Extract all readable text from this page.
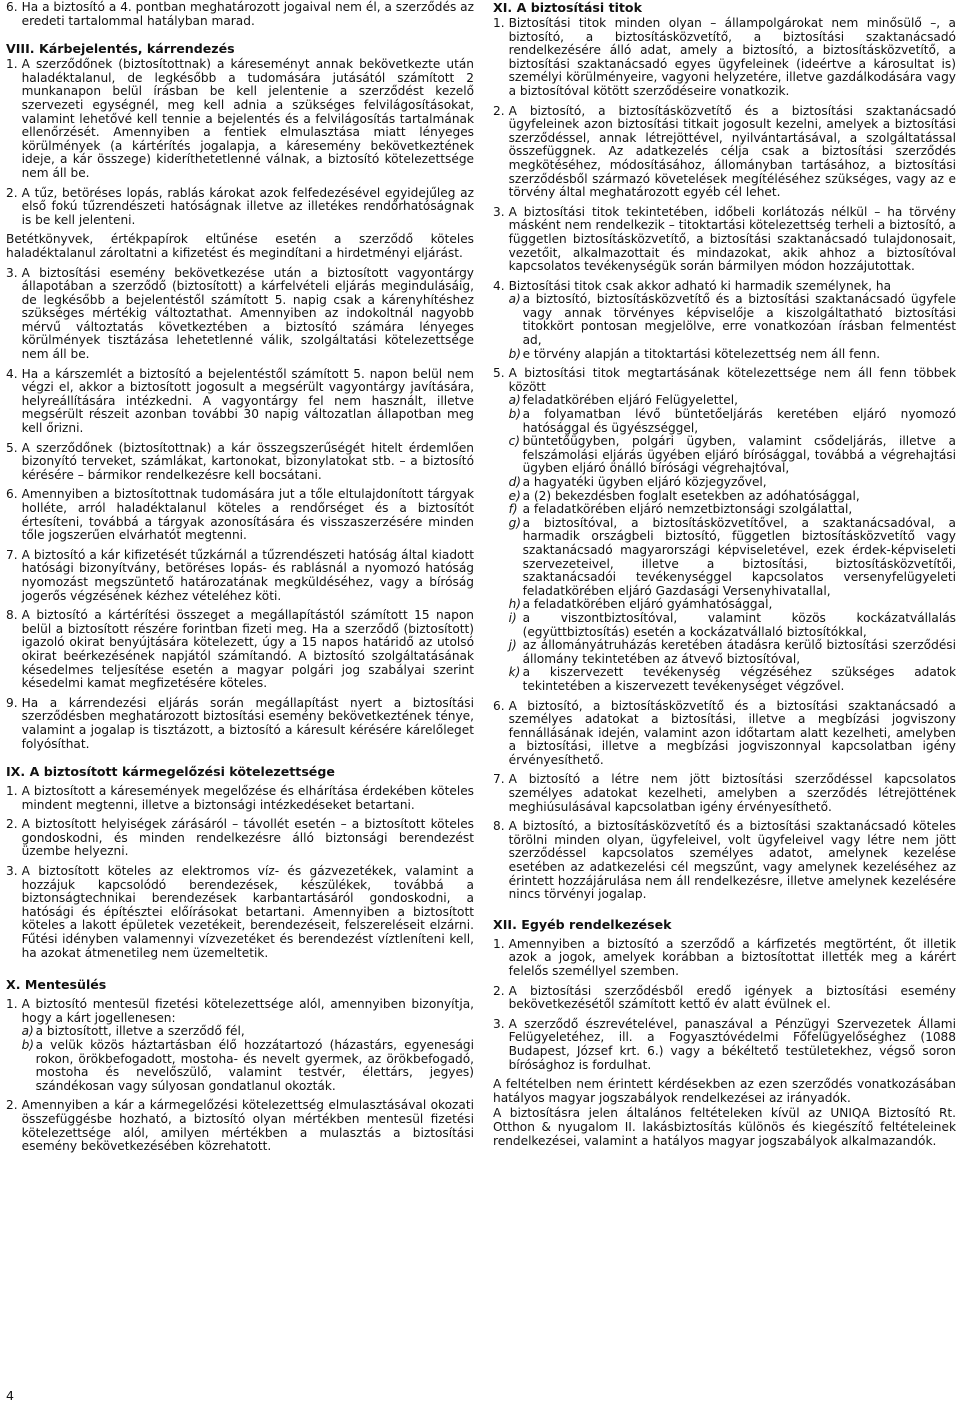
6. Ha a biztosító a 4. pontban meghatározott jogaival nem él, a szerződés az eredeti tartalommal hatályban marad.
VIII. Kárbejelentés, kárrendezés
1. A szerződőnek (biztosítottnak) a káreseményt annak bekövetkezte után haladéktalanul, de legkésőbb a tudomására jutásától számított 2 munkanapon belül írásban be kell jelentenie a szerződést kezelő szervezeti egységnél, meg kell adnia a szükséges felvilágosításokat, valamint lehetővé kell tennie a bejelentés és a felvilágosítás tartalmának ellenőrzését. Amennyiben a fentiek elmulasztása miatt lényeges körülmények (a kártérítés jogalapja, a káresemény bekövetkeztének ideje, a kár összege) kideríthetetlenné válnak, a biztosító kötelezettsége nem áll be.
2. A tűz, betöréses lopás, rablás károkat azok felfedezésével egyidejűleg az első fokú tűzrendészeti hatóságnak illetve az illetékes rendőrhatóságnak is be kell jelenteni.
Betétkönyvek, értékpapírok eltűnése esetén a szerződő köteles haladéktalanul zároltatni a kifizetést és megindítani a hirdetményi eljárást.
3. A biztosítási esemény bekövetkezése után a biztosított vagyontárgy állapotában a szerződő (biztosított) a kárfelvételi eljárás megindulásáig, de legkésőbb a bejelentéstől számított 5. napig csak a kárenyhítéshez szükséges mértékig változtathat. Amennyiben az indokoltnál nagyobb mérvű változtatás következtében a biztosító számára lényeges körülmények tisztázása lehetetlenné válik, szolgáltatási kötelezettsége nem áll be.
4. Ha a kárszemlét a biztosító a bejelentéstől számított 5. napon belül nem végzi el, akkor a biztosított jogosult a megsérült vagyontárgy javítására, helyreállítására intézkedni. A vagyontárgy fel nem használt, illetve megsérült részeit azonban további 30 napig változatlan állapotban meg kell őrizni.
5. A szerződőnek (biztosítottnak) a kár összegszerűségét hitelt érdemlően bizonyító terveket, számlákat, kartonokat, bizonylatokat stb. – a biztosító kérésére – bármikor rendelkezésre kell bocsátani.
6. Amennyiben a biztosítottnak tudomására jut a tőle eltulajdonított tárgyak holléte, arról haladéktalanul köteles a rendőrséget és a biztosítót értesíteni, továbbá a tárgyak azonosítására és visszaszerzésére minden tőle jogszerűen elvárhatót megtenni.
7. A biztosító a kár kifizetését tűzkárnál a tűzrendészeti hatóság által kiadott hatósági bizonyítvány, betöréses lopás- és rablásnál a nyomozó hatóság nyomozást megszüntető határozatának megküldéséhez, vagy a bíróság jogerős végzésének kézhez vételéhez köti.
8. A biztosító a kártérítési összeget a megállapítástól számított 15 napon belül a biztosított részére forintban fizeti meg. Ha a szerződő (biztosított) igazoló okirat benyújtására kötelezett, úgy a 15 napos határidő az utolsó okirat beérkezésének napjától számítandó. A biztosító szolgáltatásának késedelmes teljesítése esetén a magyar polgári jog szabályai szerint késedelmi kamat megfizetésére köteles.
9. Ha a kárrendezési eljárás során megállapítást nyert a biztosítási szerződésben meghatározott biztosítási esemény bekövetkeztének ténye, valamint a jogalap is tisztázott, a biztosító a káresult kérésére kárelőleget folyósíthat.
IX. A biztosított kármegelőzési kötelezettsége
1. A biztosított a káresemények megelőzése és elhárítása érdekében köteles mindent megtenni, illetve a biztonsági intézkedéseket betartani.
2. A biztosított helyiségek zárásáról – távollét esetén – a biztosított köteles gondoskodni, és minden rendelkezésre álló biztonsági berendezést üzembe helyezni.
3. A biztosított köteles az elektromos víz- és gázvezetékek, valamint a hozzájuk kapcsolódó berendezések, készülékek, továbbá a biztonságtechnikai berendezések karbantartásáról gondoskodni, a hatósági és építésztei előírásokat betartani. Amennyiben a biztosított köteles a lakott épületek vezetékeit, berendezéseit, felszereléseit elzárni. Fűtési idényben valamennyi vízvezetéket és berendezést víztleníteni kell, ha azokat átmenetileg nem üzemeltetik.
X. Mentesülés
1. A biztosító mentesül fizetési kötelezettsége alól, amennyiben bizonyítja, hogy a kárt jogellenesen:
a) a biztosított, illetve a szerződő fél,
b) a velük közös háztartásban élő hozzátartozó (házastárs, egyenesági rokon, örökbefogadott, mostoha- és nevelt gyermek, az örökbefogadó, mostoha és nevelőszülő, valamint testvér, élettárs, jegyes) szándékosan vagy súlyosan gondatlanul okozták.
2. Amennyiben a kár a kármegelőzési kötelezettség elmulasztásával okozati összefüggésbe hozható, a biztosító olyan mértékben mentesül fizetési kötelezettsége alól, amilyen mértékben a mulasztás a biztosítási esemény bekövetkezésében közrehatott.
XI. A biztosítási titok
1. Biztosítási titok minden olyan – állampolgárokat nem minősülő –, a biztosító, a biztosításközvetítő, a biztosítási szaktanácsadó rendelkezésére álló adat, amely a biztosító, a biztosításközvetítő, a biztosítási szaktanácsadó egyes ügyfeleinek (ideértve a károsultat is) személyi körülményeire, vagyoni helyzetére, illetve gazdálkodására vagy a biztosítóval kötött szerződéseire vonatkozik.
2. A biztosító, a biztosításközvetítő és a biztosítási szaktanácsadó ügyfeleinek azon biztosítási titkait jogosult kezelni, amelyek a biztosítási szerződéssel, annak létrejöttével, nyilvántartásával, a szolgáltatással összefüggnek. Az adatkezelés célja csak a biztosítási szerződés megkötéséhez, módosításához, állományban tartásához, a biztosítási szerződésből származó követelések megítéléséhez szükséges, vagy az e törvény által meghatározott egyéb cél lehet.
3. A biztosítási titok tekintetében, időbeli korlátozás nélkül – ha törvény másként nem rendelkezik – titoktartási kötelezettség terheli a biztosító, a független biztosításközvetítő, a biztosítási szaktanácsadó tulajdonosait, vezetőit, alkalmazottait és mindazokat, akik ahhoz a biztosítóval kapcsolatos tevékenységük során bármilyen módon hozzájutottak.
4. Biztosítási titok csak akkor adható ki harmadik személynek, ha
a) a biztosító, biztosításközvetítő és a biztosítási szaktanácsadó ügyfele vagy annak törvényes képviselője a kiszolgáltatható biztosítási titokkört pontosan megjelölve, erre vonatkozóan írásban felmentést ad,
b) e törvény alapján a titoktartási kötelezettség nem áll fenn.
5. A biztosítási titok megtartásának kötelezettsége nem áll fenn többek között
a) feladatkörében eljáró Felügyelettel,
b) a folyamatban lévő büntetőeljárás keretében eljáró nyomozó hatósággal és ügyészséggel,
c) büntetőügyben, polgári ügyben, valamint csődeljárás, illetve a felszámolási eljárás ügyében eljáró bírósággal, továbbá a végrehajtási ügyben eljáró önálló bírósági végrehajtóval,
d) a hagyatéki ügyben eljáró közjegyzővel,
e) a (2) bekezdésben foglalt esetekben az adóhatósággal,
f) a feladatkörében eljáró nemzetbiztonsági szolgálattal,
g) a biztosítóval, a biztosításközvetítővel, a szaktanácsadóval, a harmadik országbeli biztosító, független biztosításközvetítő vagy szaktanácsadó magyarországi képviseletével, ezek érdek-képviseleti szervezeteivel, illetve a biztosítási, biztosításközvetítői, szaktanácsadói tevékenységgel kapcsolatos versenyfelügyeleti feladatkörében eljáró Gazdasági Versenyhivatallal,
h) a feladatkörében eljáró gyámhatósággal,
i) a viszontbiztosítóval, valamint közös kockázatvállalás (együttbiztosítás) esetén a kockázatvállaló biztosítókkal,
j) az állományátruházás keretében átadásra kerülő biztosítási szerződési állomány tekintetében az átvevő biztosítóval,
k) a kiszervezett tevékenység végzéséhez szükséges adatok tekintetében a kiszervezett tevékenységet végzővel.
6. A biztosító, a biztosításközvetítő és a biztosítási szaktanácsadó a személyes adatokat a biztosítási, illetve a megbízási jogviszony fennállásának idején, valamint azon időtartam alatt kezelheti, amelyben a biztosítási, illetve a megbízási jogviszonnyal kapcsolatban igény érvényesíthető.
7. A biztosító a létre nem jött biztosítási szerződéssel kapcsolatos személyes adatokat kezelheti, amelyben a szerződés létrejöttének meghiúsulásával kapcsolatban igény érvényesíthető.
8. A biztosító, a biztosításközvetítő és a biztosítási szaktanácsadó köteles törölni minden olyan, ügyfeleivel, volt ügyfeleivel vagy létre nem jött szerződéssel kapcsolatos személyes adatot, amelynek kezelése esetében az adatkezelési cél megszűnt, vagy amelynek kezeléséhez az érintett hozzájárulása nem áll rendelkezésre, illetve amelynek kezelésére nincs törvényi jogalap.
XII. Egyéb rendelkezések
1. Amennyiben a biztosító a szerződő a kárfizetés megtörtént, őt illetik azok a jogok, amelyek korábban a biztosítottat illették meg a kárért felelős személlyel szemben.
2. A biztosítási szerződésből eredő igények a biztosítási esemény bekövetkezésétől számított kettő év alatt évülnek el.
3. A szerződő észrevételével, panaszával a Pénzügyi Szervezetek Állami Felügyeletéhez, ill. a Fogyasztóvédelmi Főfelügyelőséghez (1088 Budapest, József krt. 6.) vagy a békéltető testületekhez, végső soron bírósághoz is fordulhat.
A feltételben nem érintett kérdésekben az ezen szerződés vonatkozásában hatályos magyar jogszabályok rendelkezései az irányadók.
A biztosításra jelen általános feltételeken kívül az UNIQA Biztosító Rt. Otthon & nyugalom II. lakásbiztosítás különös és kiegészítő feltételeinek rendelkezései, valamint a hatályos magyar jogszabályok alkalmazandók.
4
